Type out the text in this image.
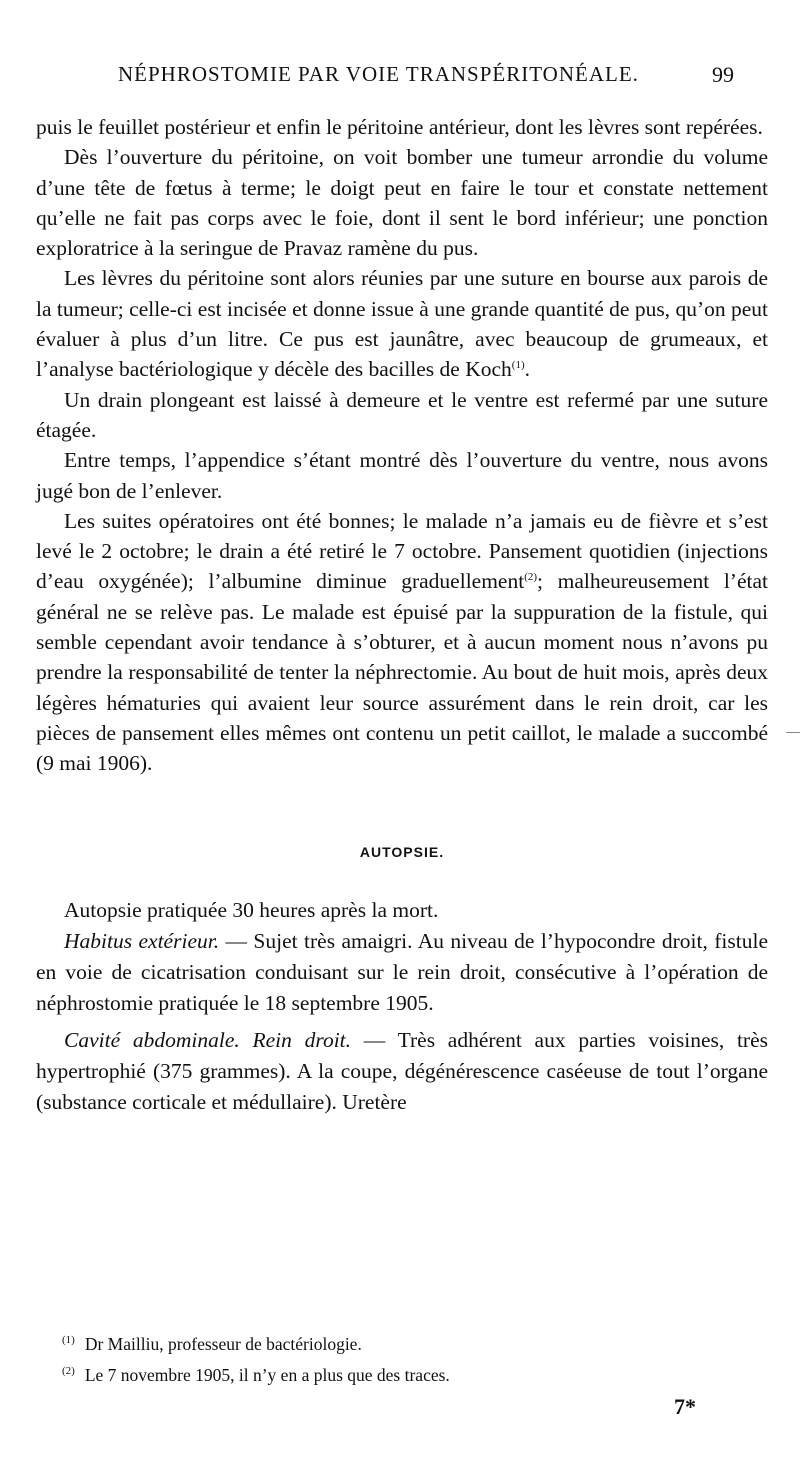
NÉPHROSTOMIE PAR VOIE TRANSPÉRITONÉALE.	99

puis le feuillet postérieur et enfin le péritoine antérieur, dont les lèvres sont repérées.

Dès l’ouverture du péritoine, on voit bomber une tumeur arrondie du volume d’une tête de fœtus à terme; le doigt peut en faire le tour et constate nettement qu’elle ne fait pas corps avec le foie, dont il sent le bord inférieur; une ponction exploratrice à la seringue de Pravaz ramène du pus.

Les lèvres du péritoine sont alors réunies par une suture en bourse aux parois de la tumeur; celle-ci est incisée et donne issue à une grande quantité de pus, qu’on peut évaluer à plus d’un litre. Ce pus est jaunâtre, avec beaucoup de grumeaux, et l’analyse bactériologique y décèle des bacilles de Koch$^{(1)}$.

Un drain plongeant est laissé à demeure et le ventre est refermé par une suture étagée.

Entre temps, l’appendice s’étant montré dès l’ouverture du ventre, nous avons jugé bon de l’enlever.

Les suites opératoires ont été bonnes; le malade n’a jamais eu de fièvre et s’est levé le 2 octobre; le drain a été retiré le 7 octobre. Pansement quotidien (injections d’eau oxygénée); l’albumine diminue graduellement$^{(2)}$; malheureusement l’état général ne se relève pas. Le malade est épuisé par la suppuration de la fistule, qui semble cependant avoir tendance à s’obturer, et à aucun moment nous n’avons pu prendre la responsabilité de tenter la néphrectomie. Au bout de huit mois, après deux légères hématuries qui avaient leur source assurément dans le rein droit, car les pièces de pansement elles mêmes ont contenu un petit caillot, le malade a succombé (9 mai 1906).

AUTOPSIE.

Autopsie pratiquée 30 heures après la mort.

Habitus extérieur. — Sujet très amaigri. Au niveau de l’hypocondre droit, fistule en voie de cicatrisation conduisant sur le rein droit, consécutive à l’opération de néphrostomie pratiquée le 18 septembre 1905.

Cavité abdominale. Rein droit. — Très adhérent aux parties voisines, très hypertrophié (375 grammes). A la coupe, dégénérescence caséeuse de tout l’organe (substance corticale et médullaire). Uretère

$^{(1)}$ Dr Mailliu, professeur de bactériologie.
$^{(2)}$ Le 7 novembre 1905, il n’y en a plus que des traces.
7*
